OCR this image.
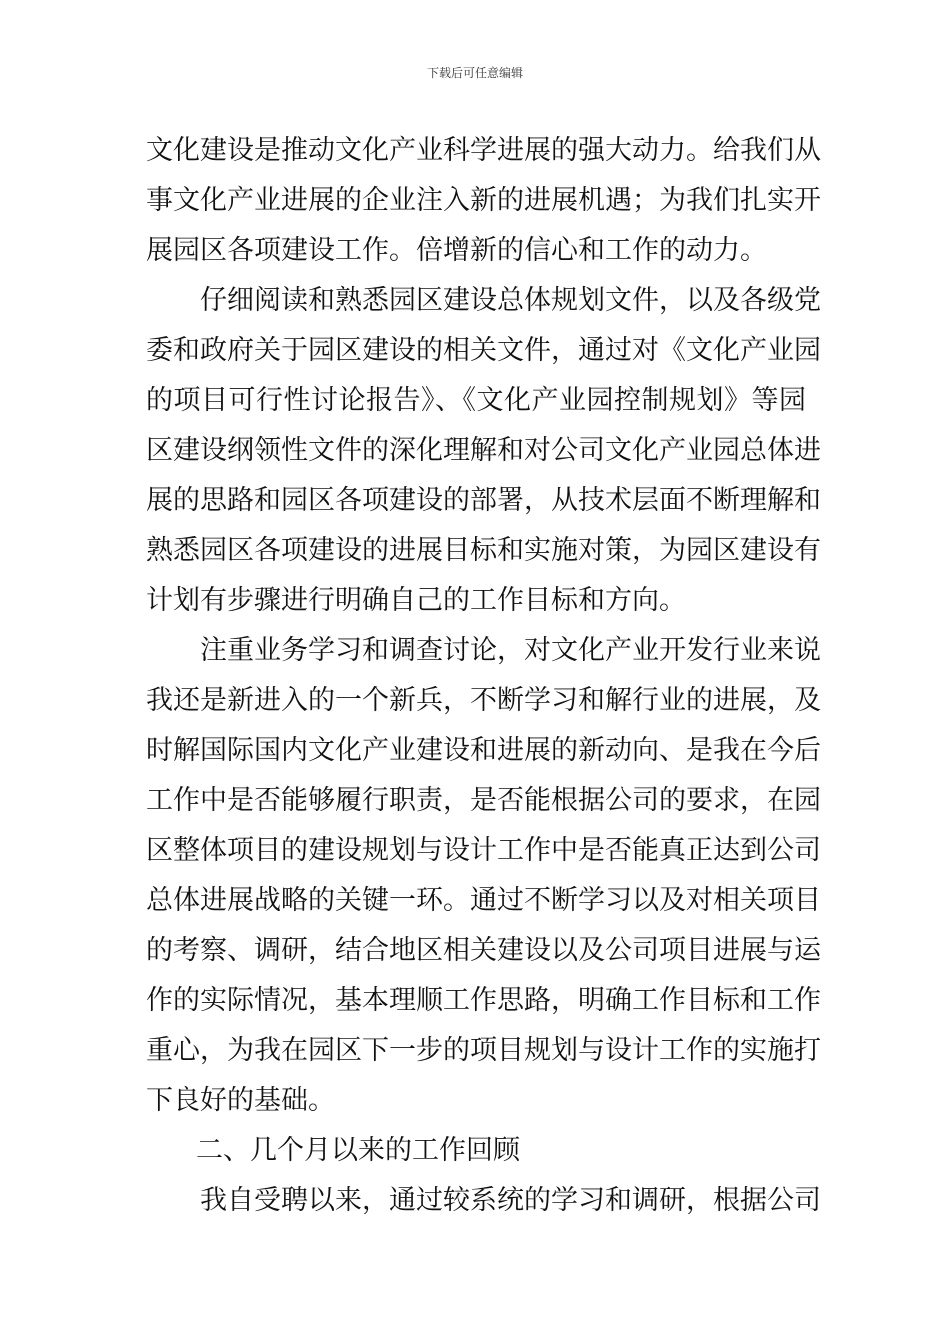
下载后可任意编辑
文化建设是推动文化产业科学进展的强大动力。给我们从
事文化产业进展的企业注入新的进展机遇；为我们扎实开
展园区各项建设工作。倍增新的信心和工作的动力。
仔细阅读和熟悉园区建设总体规划文件，以及各级党
委和政府关于园区建设的相关文件，通过对《文化产业园
的项目可行性讨论报告》、《文化产业园控制规划》等园
区建设纲领性文件的深化理解和对公司文化产业园总体进
展的思路和园区各项建设的部署，从技术层面不断理解和
熟悉园区各项建设的进展目标和实施对策，为园区建设有
计划有步骤进行明确自己的工作目标和方向。
注重业务学习和调查讨论，对文化产业开发行业来说
我还是新进入的一个新兵，不断学习和解行业的进展，及
时解国际国内文化产业建设和进展的新动向、是我在今后
工作中是否能够履行职责，是否能根据公司的要求，在园
区整体项目的建设规划与设计工作中是否能真正达到公司
总体进展战略的关键一环。通过不断学习以及对相关项目
的考察、调研，结合地区相关建设以及公司项目进展与运
作的实际情况，基本理顺工作思路，明确工作目标和工作
重心，为我在园区下一步的项目规划与设计工作的实施打
下良好的基础。
二、几个月以来的工作回顾
我自受聘以来，通过较系统的学习和调研，根据公司
